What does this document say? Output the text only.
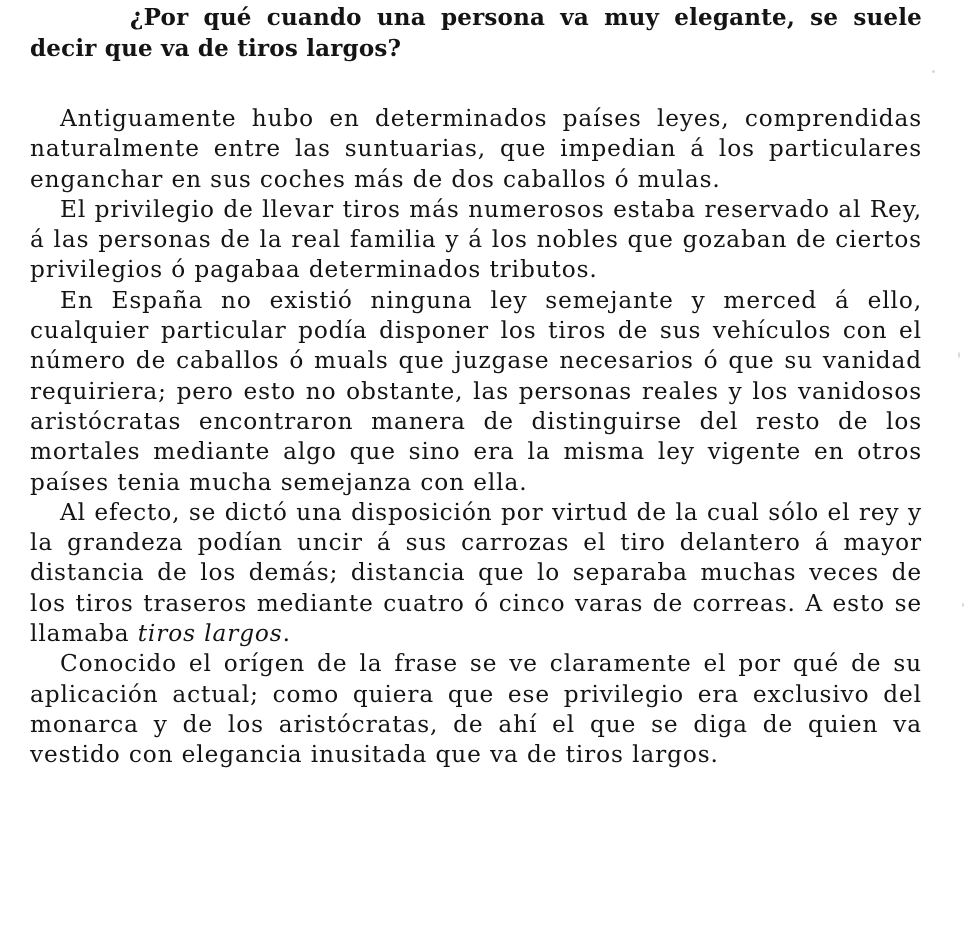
¿Por qué cuando una persona va muy elegante, se suele decir que va de tiros largos?

Antiguamente hubo en determinados países leyes, comprendidas naturalmente entre las suntuarias, que impedian á los particulares enganchar en sus coches más de dos caballos ó mulas.

El privilegio de llevar tiros más numerosos estaba reservado al Rey, á las personas de la real familia y á los nobles que gozaban de ciertos privilegios ó pagabaa determinados tributos.

En España no existió ninguna ley semejante y merced á ello, cualquier particular podía disponer los tiros de sus vehículos con el número de caballos ó muals que juzgase necesarios ó que su vanidad requiriera; pero esto no obstante, las personas reales y los vanidosos aristócratas encontraron manera de distinguirse del resto de los mortales mediante algo que sino era la misma ley vigente en otros países tenia mucha semejanza con ella.

Al efecto, se dictó una disposición por virtud de la cual sólo el rey y la grandeza podían uncir á sus carrozas el tiro delantero á mayor distancia de los demás; distancia que lo separaba muchas veces de los tiros traseros mediante cuatro ó cinco varas de correas. A esto se llamaba tiros largos.

Conocido el orígen de la frase se ve claramente el por qué de su aplicación actual; como quiera que ese privilegio era exclusivo del monarca y de los aristócratas, de ahí el que se diga de quien va vestido con elegancia inusitada que va de tiros largos.
